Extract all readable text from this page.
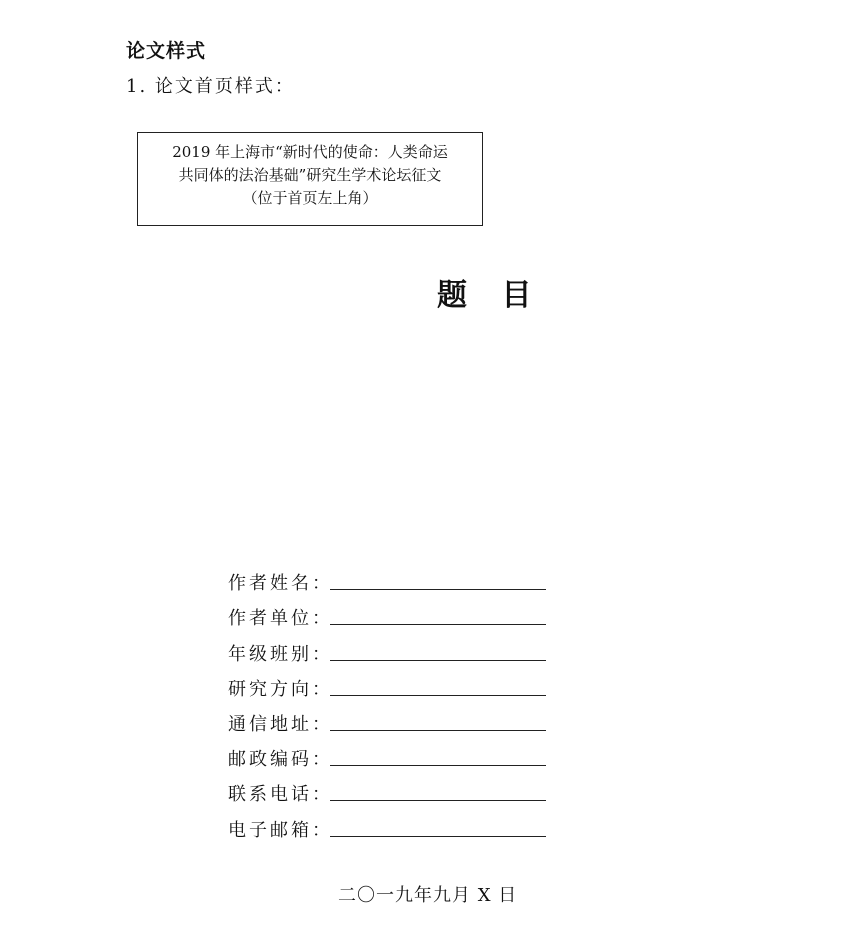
论文样式
1. 论文首页样式：
2019 年上海市“新时代的使命：人类命运
共同体的法治基础”研究生学术论坛征文
（位于首页左上角）
题 目
作者姓名：
作者单位：
年级班别：
研究方向：
通信地址：
邮政编码：
联系电话：
电子邮箱：
二〇一九年九月 X 日
